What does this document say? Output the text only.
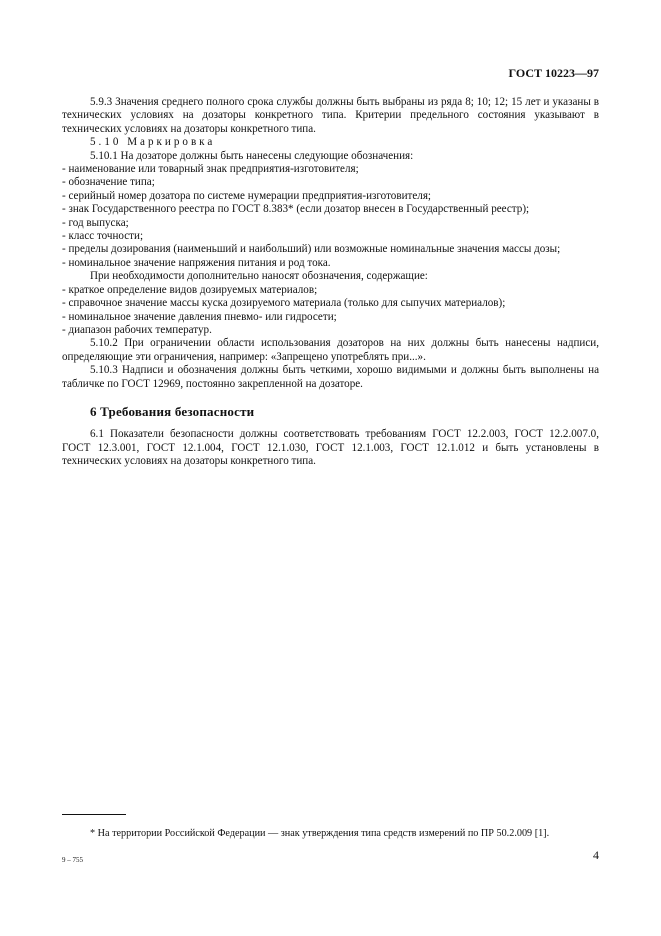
ГОСТ 10223—97

5.9.3 Значения среднего полного срока службы должны быть выбраны из ряда 8; 10; 12; 15 лет и указаны в технических условиях на дозаторы конкретного типа. Критерии предельного состояния указывают в технических условиях на дозаторы конкретного типа.

5.10 Маркировка

5.10.1 На дозаторе должны быть нанесены следующие обозначения:

- наименование или товарный знак предприятия-изготовителя;

- обозначение типа;

- серийный номер дозатора по системе нумерации предприятия-изготовителя;

- знак Государственного реестра по ГОСТ 8.383* (если дозатор внесен в Государственный реестр);

- год выпуска;

- класс точности;

- пределы дозирования (наименьший и наибольший) или возможные номинальные значения массы дозы;

- номинальное значение напряжения питания и род тока.

При необходимости дополнительно наносят обозначения, содержащие:

- краткое определение видов дозируемых материалов;

- справочное значение массы куска дозируемого материала (только для сыпучих материалов);

- номинальное значение давления пневмо- или гидросети;

- диапазон рабочих температур.

5.10.2 При ограничении области использования дозаторов на них должны быть нанесены надписи, определяющие эти ограничения, например: «Запрещено употреблять при...».

5.10.3 Надписи и обозначения должны быть четкими, хорошо видимыми и должны быть выполнены на табличке по ГОСТ 12969, постоянно закрепленной на дозаторе.

6 Требования безопасности

6.1 Показатели безопасности должны соответствовать требованиям ГОСТ 12.2.003, ГОСТ 12.2.007.0, ГОСТ 12.3.001, ГОСТ 12.1.004, ГОСТ 12.1.030, ГОСТ 12.1.003, ГОСТ 12.1.012 и быть установлены в технических условиях на дозаторы конкретного типа.

* На территории Российской Федерации — знак утверждения типа средств измерений по ПР 50.2.009 [1].
4
9 – 755
